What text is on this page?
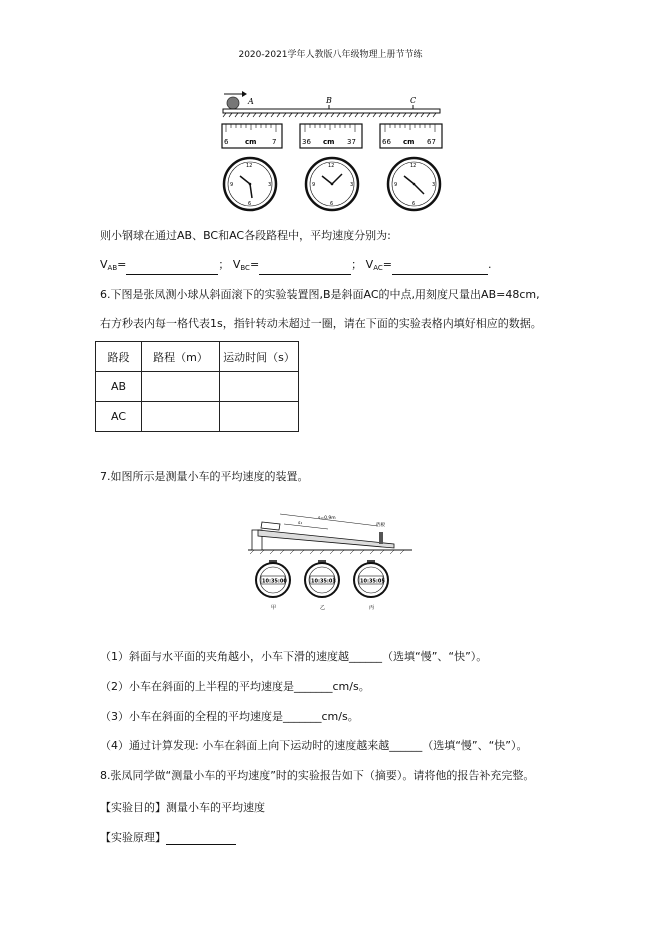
2020-2021学年人教版八年级物理上册节节练
A	B	C
6 cm 7	36 cm 37	66 cm 67
12
3
6
9
12
3
6
9
12
3
6
9
则小钢球在通过AB、BC和AC各段路程中，平均速度分别为:
$V_{AB}=$	； $V_{BC}=$	； $V_{AC}=$	.
6.下图是张凤测小球从斜面滚下的实验装置图,B是斜面AC的中点,用刻度尺量出AB=48cm,
右方秒表内每一格代表1s，指针转动未超过一圈，请在下面的实验表格内填好相应的数据。
路段	路程（m）	运动时间（s）
AB		
AC		
7.如图所示是测量小车的平均速度的装置。
s=0.9m
s₁	挡板
10:35:00
甲
10:35:03
乙
10:35:05
丙
（1）斜面与水平面的夹角越小，小车下滑的速度越______（选填“慢”、“快”）。
（2）小车在斜面的上半程的平均速度是_______cm/s。
（3）小车在斜面的全程的平均速度是_______cm/s。
（4）通过计算发现: 小车在斜面上向下运动时的速度越来越______（选填“慢”、“快”）。
8.张凤同学做“测量小车的平均速度”时的实验报告如下（摘要）。请将他的报告补充完整。
【实验目的】测量小车的平均速度
【实验原理】
